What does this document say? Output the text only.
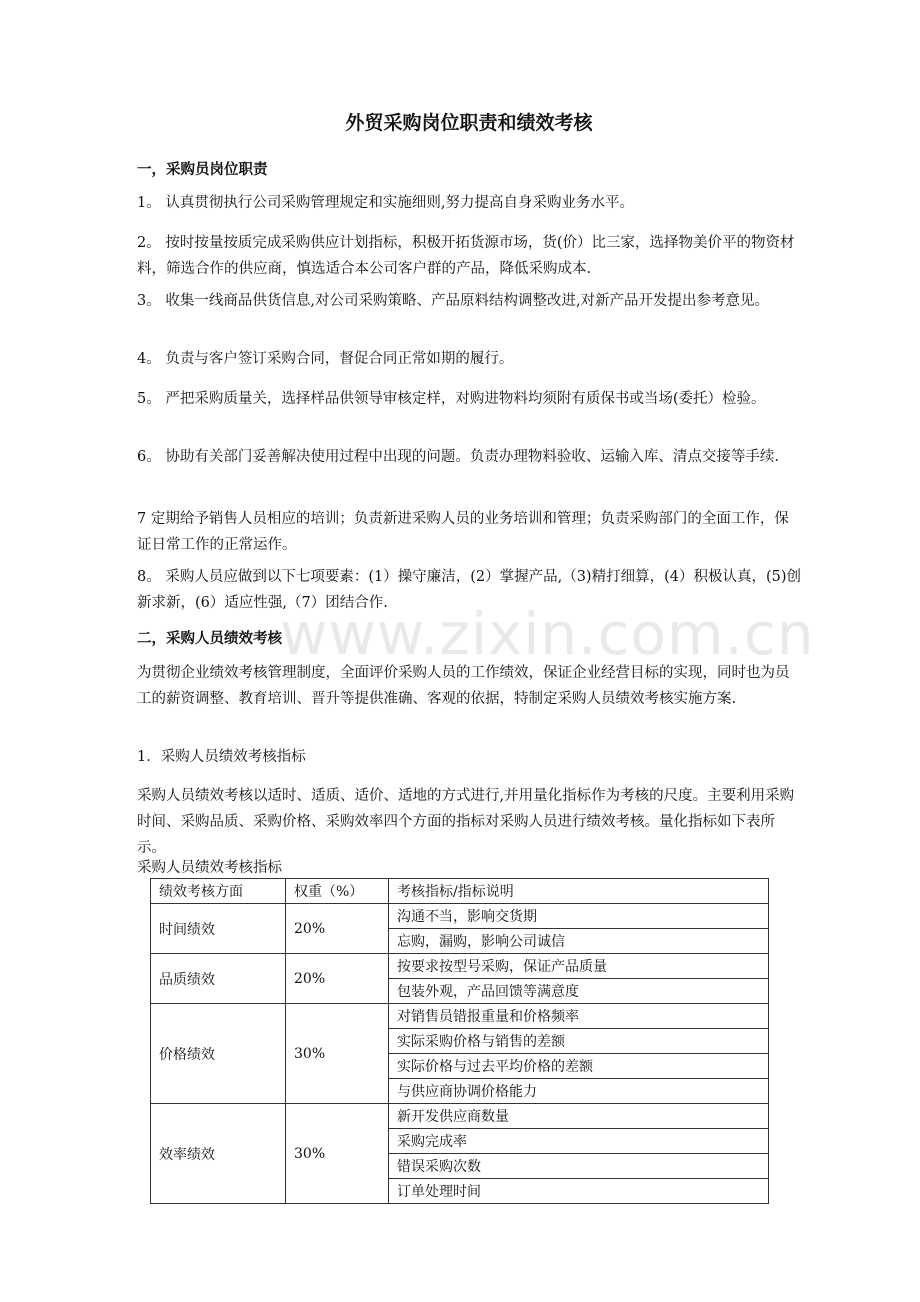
www.zixin.com.cn
外贸采购岗位职责和绩效考核
一，采购员岗位职责
1。 认真贯彻执行公司采购管理规定和实施细则,努力提高自身采购业务水平。
2。 按时按量按质完成采购供应计划指标，积极开拓货源市场，货(价）比三家，选择物美价平的物资材料，筛选合作的供应商，慎选适合本公司客户群的产品，降低采购成本.
3。 收集一线商品供货信息,对公司采购策略、产品原料结构调整改进,对新产品开发提出参考意见。
4。 负责与客户签订采购合同，督促合同正常如期的履行。
5。 严把采购质量关，选择样品供领导审核定样，对购进物料均须附有质保书或当场(委托）检验。
6。 协助有关部门妥善解决使用过程中出现的问题。负责办理物料验收、运输入库、清点交接等手续.
7 定期给予销售人员相应的培训；负责新进采购人员的业务培训和管理；负责采购部门的全面工作，保证日常工作的正常运作。
8。 采购人员应做到以下七项要素：(1）操守廉洁，(2）掌握产品,（3)精打细算，(4）积极认真，(5)创新求新，(6）适应性强,（7）团结合作.
二，采购人员绩效考核
为贯彻企业绩效考核管理制度，全面评价采购人员的工作绩效，保证企业经营目标的实现，同时也为员工的薪资调整、教育培训、晋升等提供准确、客观的依据，特制定采购人员绩效考核实施方案.
1．采购人员绩效考核指标
采购人员绩效考核以适时、适质、适价、适地的方式进行,并用量化指标作为考核的尺度。主要利用采购时间、采购品质、采购价格、采购效率四个方面的指标对采购人员进行绩效考核。量化指标如下表所示。
采购人员绩效考核指标
绩效考核方面	权重（%）	考核指标/指标说明
时间绩效	20%	沟通不当，影响交货期
		忘购，漏购，影响公司诚信
品质绩效	20%	按要求按型号采购，保证产品质量
		包装外观，产品回馈等满意度
价格绩效	30%	对销售员错报重量和价格频率
		实际采购价格与销售的差额
		实际价格与过去平均价格的差额
		与供应商协调价格能力
效率绩效	30%	新开发供应商数量
		采购完成率
		错误采购次数
		订单处理时间
